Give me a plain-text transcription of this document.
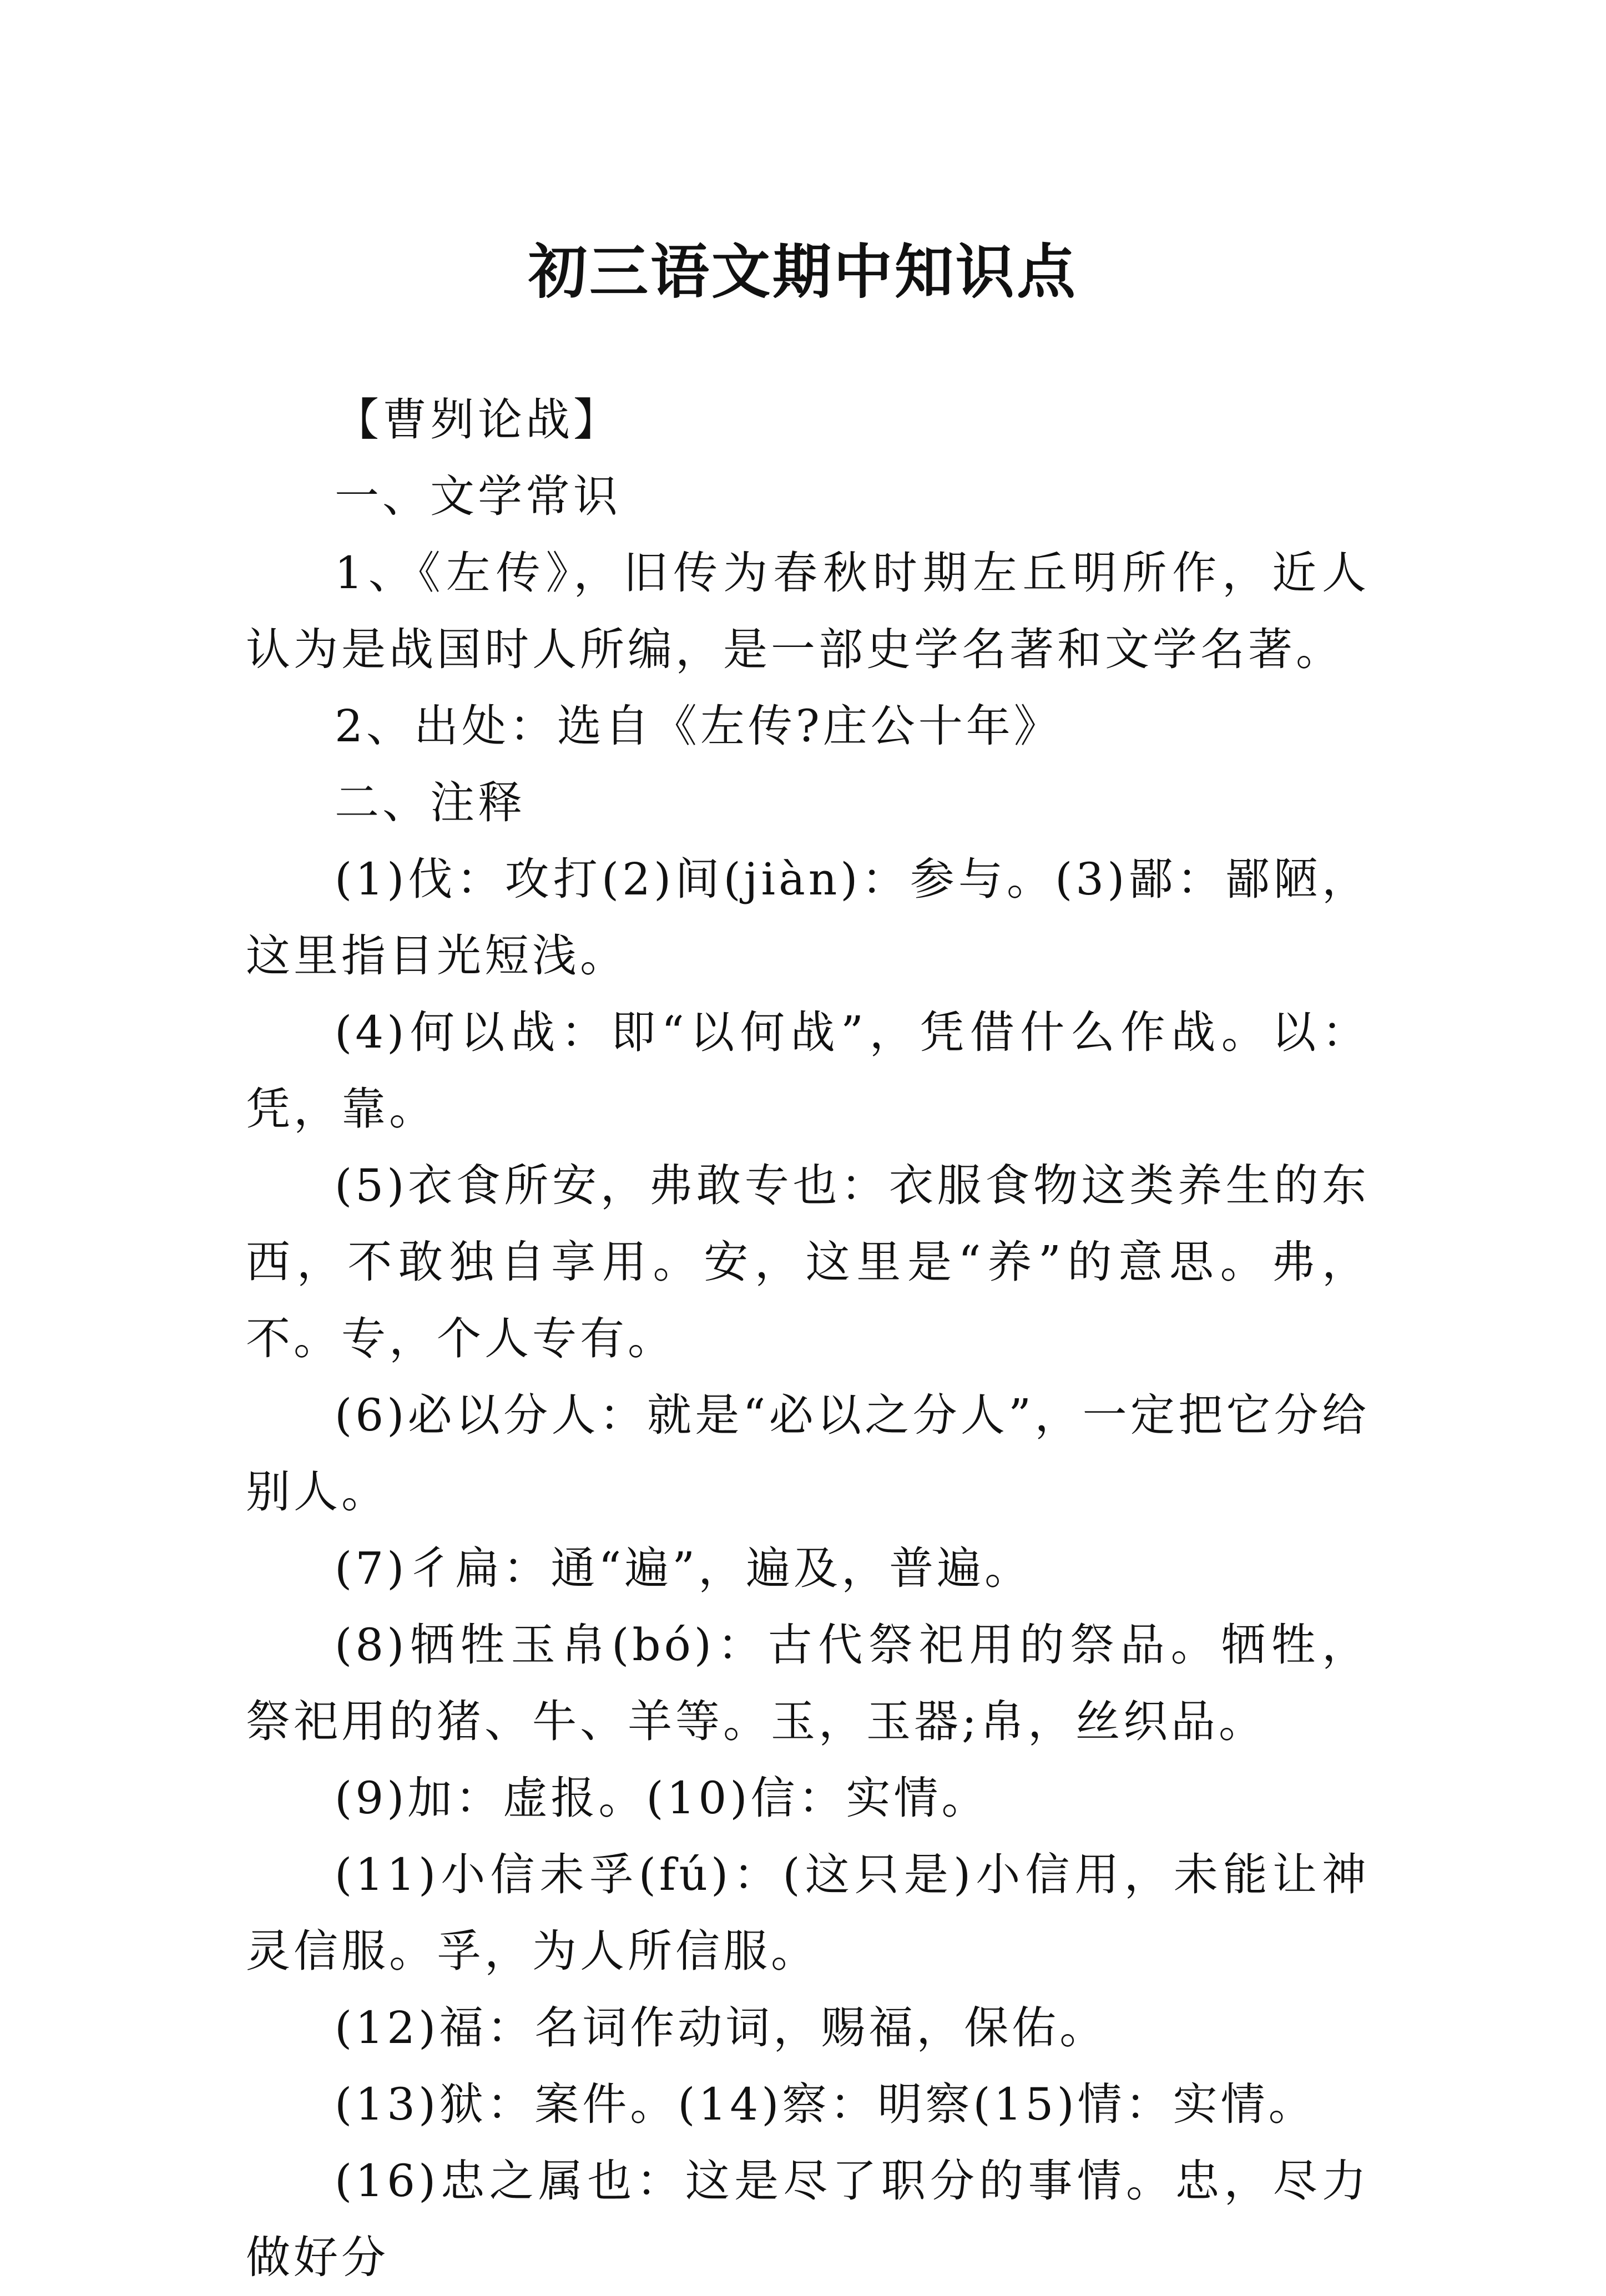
初三语文期中知识点

【曹刿论战】

一、文学常识

1、《左传》，旧传为春秋时期左丘明所作，近人认为是战国时人所编，是一部史学名著和文学名著。

2、出处：选自《左传?庄公十年》

二、注释

(1)伐：攻打(2)间(jiàn)：参与。(3)鄙：鄙陋，这里指目光短浅。

(4)何以战：即“以何战”，凭借什么作战。以：凭，靠。

(5)衣食所安，弗敢专也：衣服食物这类养生的东西，不敢独自享用。安，这里是“养”的意思。弗，不。专，个人专有。

(6)必以分人：就是“必以之分人”，一定把它分给别人。

(7)彳扁：通“遍”，遍及，普遍。

(8)牺牲玉帛(bó)：古代祭祀用的祭品。牺牲，祭祀用的猪、牛、羊等。玉，玉器;帛，丝织品。

(9)加：虚报。(10)信：实情。

(11)小信未孚(fú)：(这只是)小信用，未能让神灵信服。孚，为人所信服。

(12)福：名词作动词，赐福，保佑。

(13)狱：案件。(14)察：明察(15)情：实情。

(16)忠之属也：这是尽了职分的事情。忠，尽力做好分
